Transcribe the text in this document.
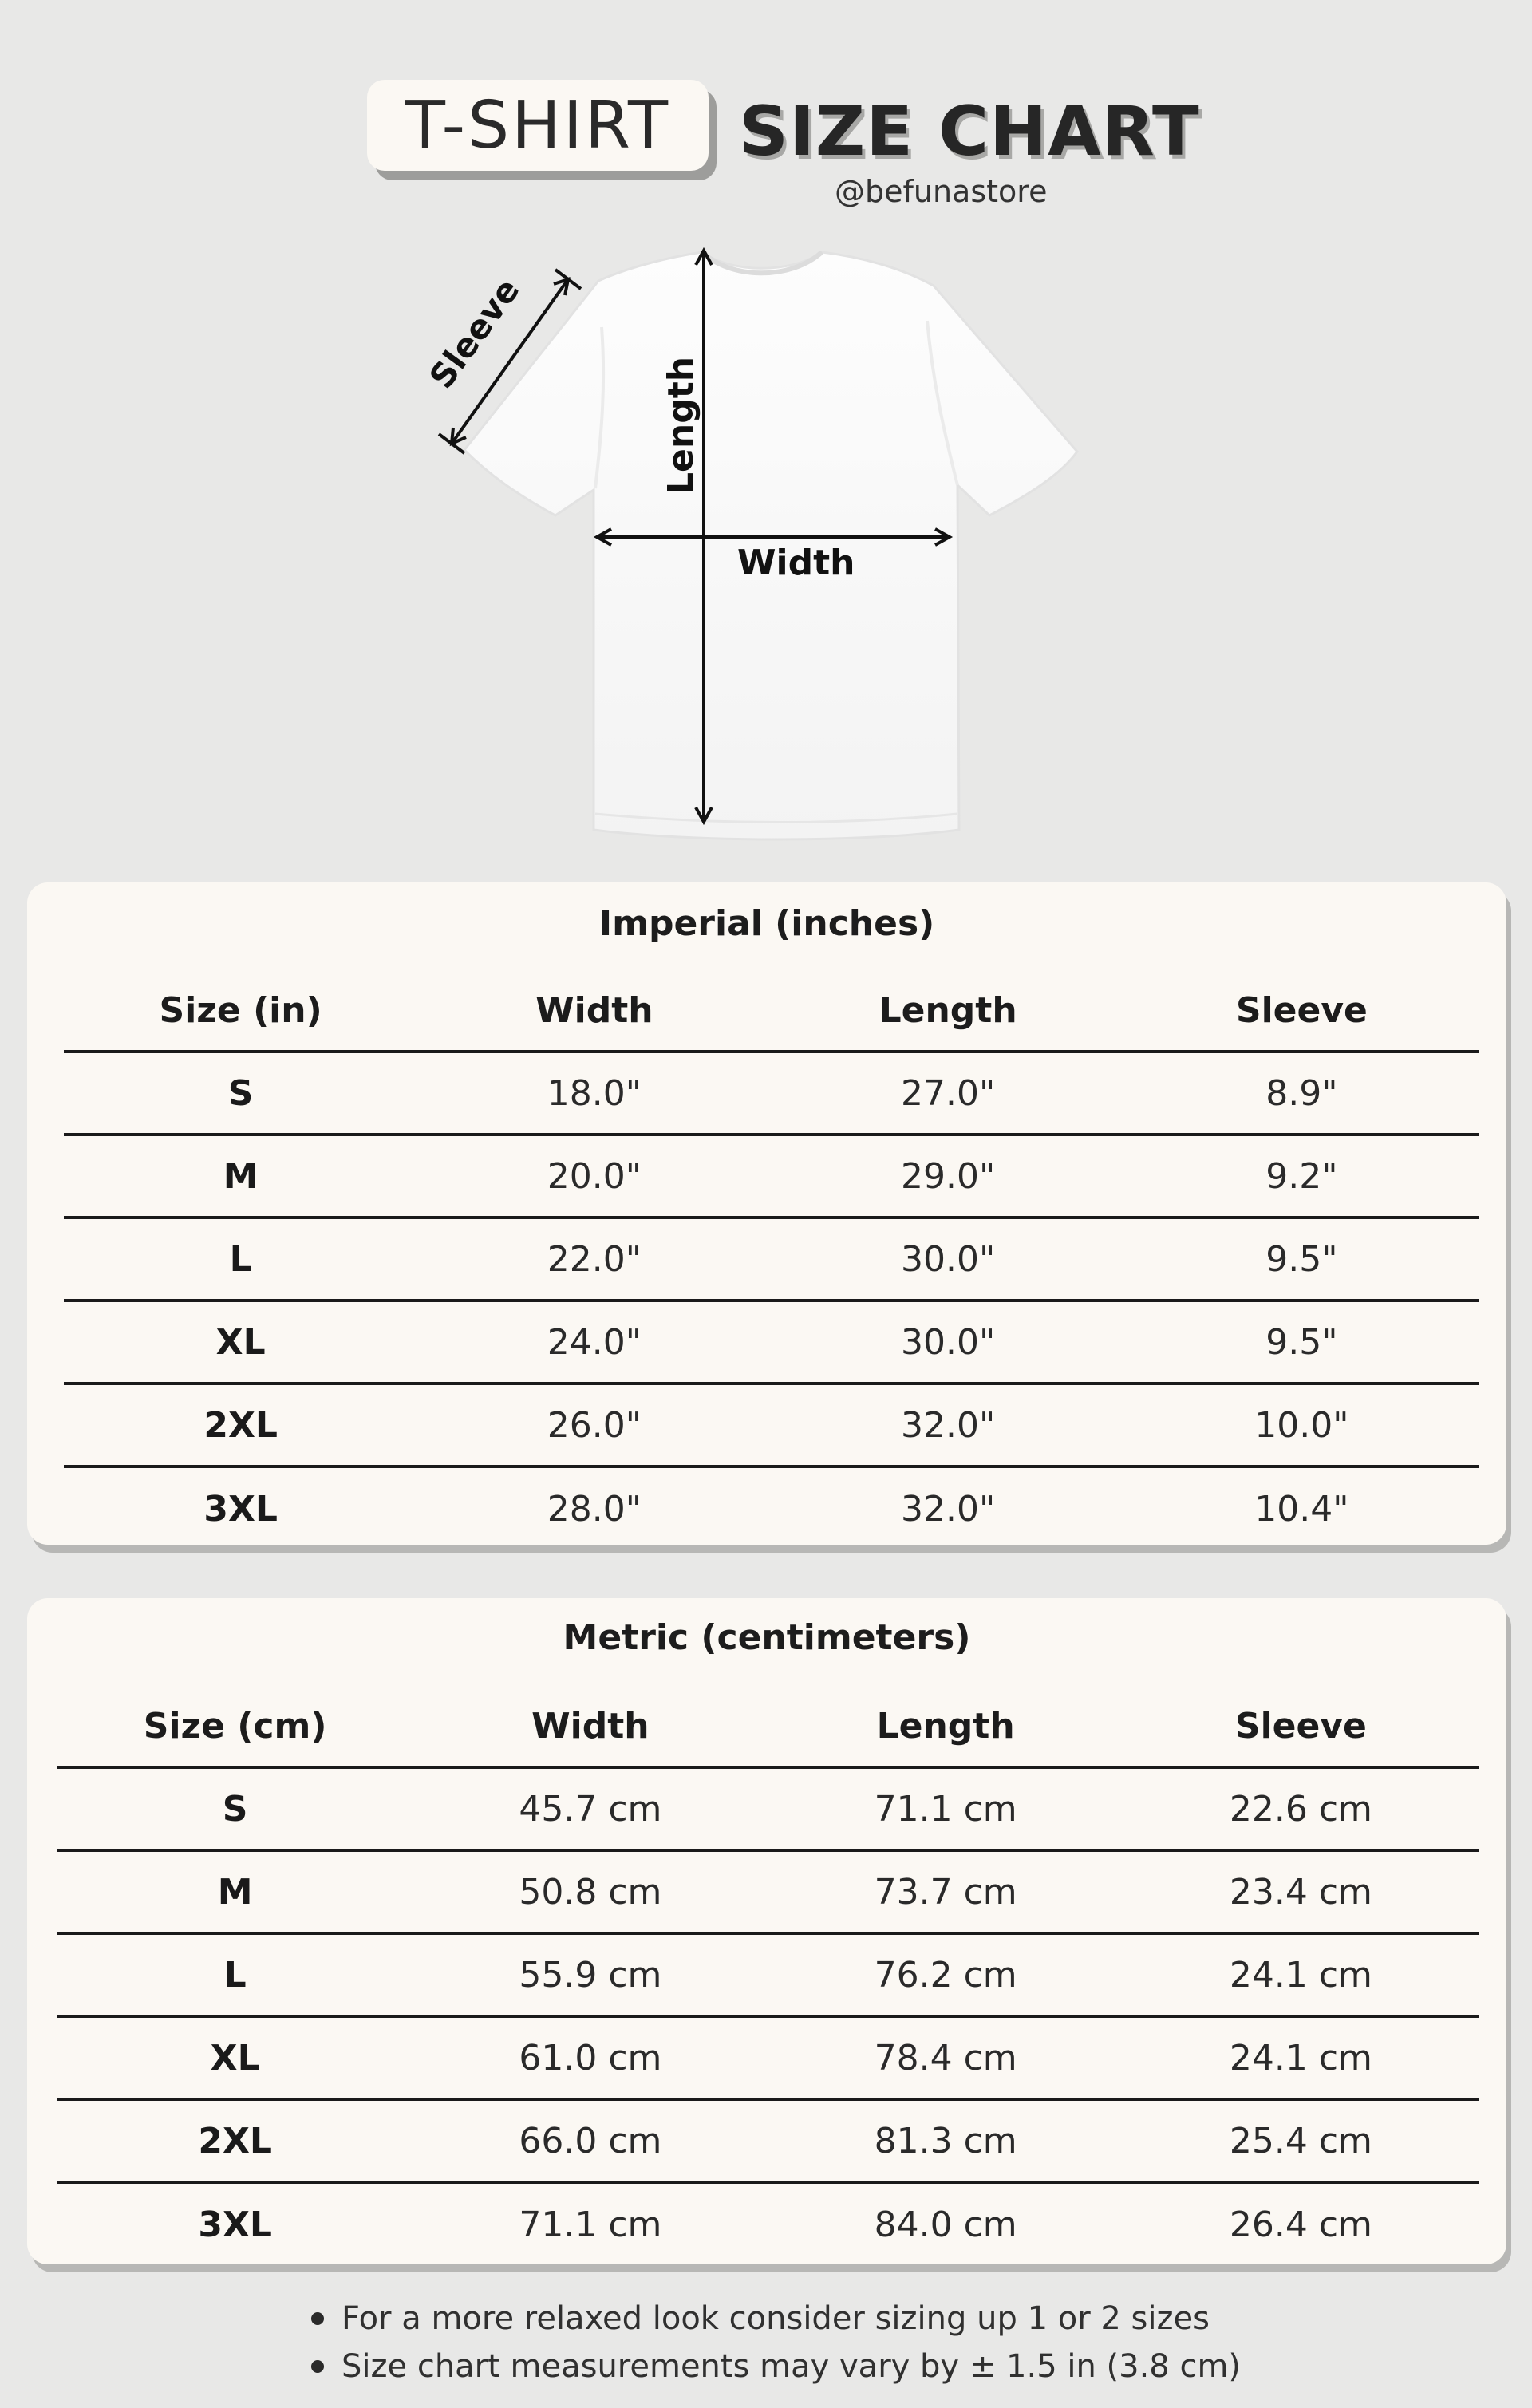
T-SHIRT SIZE CHART
@befunastore
Length
Width
Sleeve
Imperial (inches)
Size (in)	Width	Length	Sleeve
S	18.0"	27.0"	8.9"
M	20.0"	29.0"	9.2"
L	22.0"	30.0"	9.5"
XL	24.0"	30.0"	9.5"
2XL	26.0"	32.0"	10.0"
3XL	28.0"	32.0"	10.4"
Metric (centimeters)
Size (cm)	Width	Length	Sleeve
S	45.7 cm	71.1 cm	22.6 cm
M	50.8 cm	73.7 cm	23.4 cm
L	55.9 cm	76.2 cm	24.1 cm
XL	61.0 cm	78.4 cm	24.1 cm
2XL	66.0 cm	81.3 cm	25.4 cm
3XL	71.1 cm	84.0 cm	26.4 cm
For a more relaxed look consider sizing up 1 or 2 sizes
Size chart measurements may vary by ± 1.5 in (3.8 cm)
